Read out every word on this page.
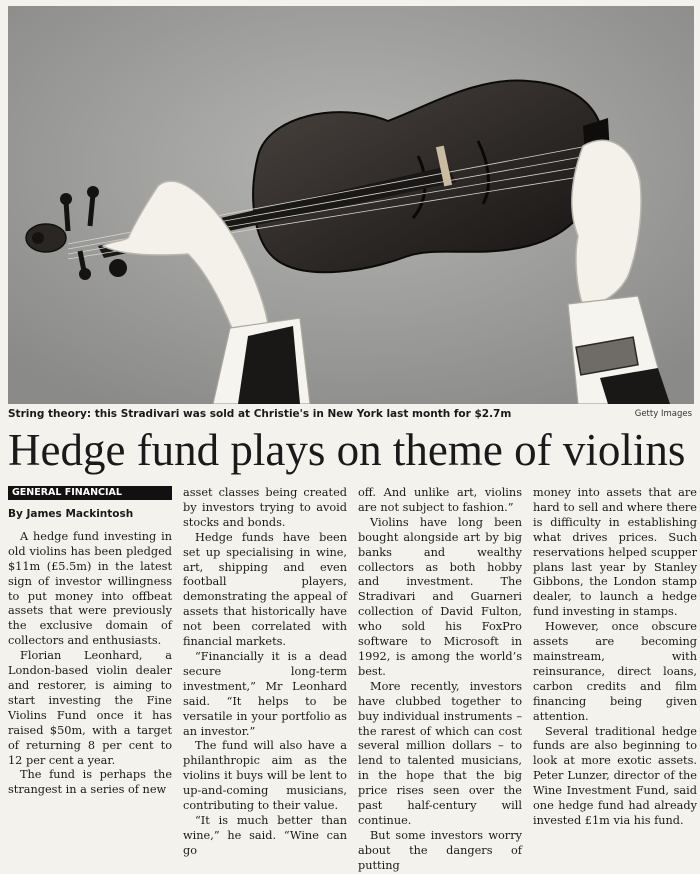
String theory: this Stradivari was sold at Christie's in New York last month for $2.7m	Getty Images
Hedge fund plays on theme of violins
GENERAL FINANCIAL
By James Mackintosh

A hedge fund investing in old violins has been pledged $11m (£5.5m) in the latest sign of investor willingness to put money into offbeat assets that were previously the exclusive domain of collectors and enthusiasts.

Florian Leonhard, a London-based violin dealer and restorer, is aiming to start investing the Fine Violins Fund once it has raised $50m, with a target of returning 8 per cent to 12 per cent a year.

The fund is perhaps the strangest in a series of new

asset classes being created by investors trying to avoid stocks and bonds.

Hedge funds have been set up specialising in wine, art, shipping and even football players, demonstrating the appeal of assets that historically have not been correlated with financial markets.

“Financially it is a dead secure long-term investment,” Mr Leonhard said. “It helps to be versatile in your portfolio as an investor.”

The fund will also have a philanthropic aim as the violins it buys will be lent to up-and-coming musicians, contributing to their value.

“It is much better than wine,” he said. “Wine can go

off. And unlike art, violins are not subject to fashion.”

Violins have long been bought alongside art by big banks and wealthy collectors as both hobby and investment. The Stradivari and Guarneri collection of David Fulton, who sold his FoxPro software to Microsoft in 1992, is among the world’s best.

More recently, investors have clubbed together to buy individual instruments – the rarest of which can cost several million dollars – to lend to talented musicians, in the hope that the big price rises seen over the past half-century will continue.

But some investors worry about the dangers of putting

money into assets that are hard to sell and where there is difficulty in establishing what drives prices. Such reservations helped scupper plans last year by Stanley Gibbons, the London stamp dealer, to launch a hedge fund investing in stamps.

However, once obscure assets are becoming mainstream, with reinsurance, direct loans, carbon credits and film financing being given attention.

Several traditional hedge funds are also beginning to look at more exotic assets. Peter Lunzer, director of the Wine Investment Fund, said one hedge fund had already invested £1m via his fund.
